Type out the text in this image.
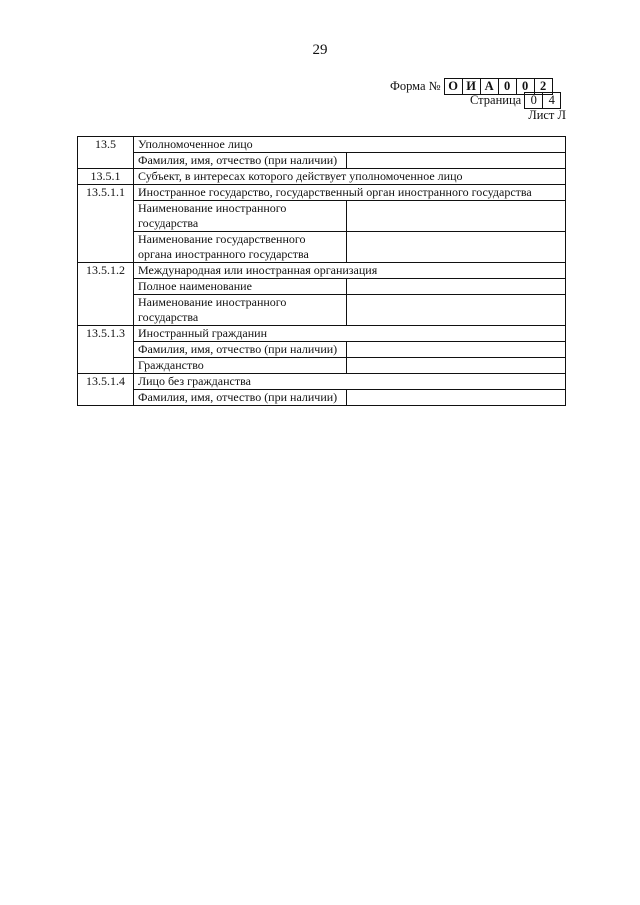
29
Форма № О И А 0 0 2
Страница 0 4
Лист Л
13.5	Уполномоченное лицо	
	Фамилия, имя, отчество (при наличии)	
13.5.1	Субъект, в интересах которого действует уполномоченное лицо	
13.5.1.1	Иностранное государство, государственный орган иностранного государства	
	Наименование иностранного государства	
	Наименование государственного органа иностранного государства	
13.5.1.2	Международная или иностранная организация	
	Полное наименование	
	Наименование иностранного государства	
13.5.1.3	Иностранный гражданин	
	Фамилия, имя, отчество (при наличии)	
	Гражданство	
13.5.1.4	Лицо без гражданства	
	Фамилия, имя, отчество (при наличии)	
